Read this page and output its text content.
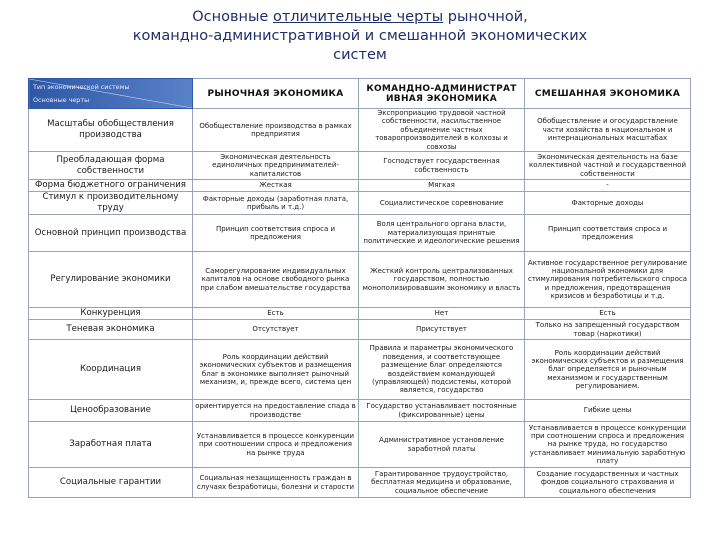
Основные отличительные черты рыночной,
командно-административной и смешанной экономических
систем
Тип экономической системы
Основные черты	РЫНОЧНАЯ ЭКОНОМИКА	КОМАНДНО-АДМИНИСТРАТ ИВНАЯ ЭКОНОМИКА	СМЕШАННАЯ ЭКОНОМИКА
Масштабы обобществления производства	Обобществление производства в рамках предприятия	Экспроприацию трудовой частной собственности, насильственное объединение частных товаропроизводителей в колхозы и совхозы	Обобществление и огосударствление части хозяйства в национальном и интернациональных масштабах
Преобладающая форма собственности	Экономическая деятельность единоличных предпринимателей-капиталистов	Господствует государственная собственность	Экономическая деятельность на базе коллективной частной и государственной собственности
Форма бюджетного ограничения	Жесткая	Мягкая	-
Стимул к производительному труду	Факторные доходы (заработная плата, прибыль и т.д.)	Социалистическое соревнование	Факторные доходы
Основной принцип производства	Принцип соответствия спроса и предложения	Воля центрального органа власти, материализующая принятые политические и идеологические решения	Принцип соответствия спроса и предложения
Регулирование экономики	Саморегулирование индивидуальных капиталов на основе свободного рынка при слабом вмешательстве государства	Жесткий контроль централизованных государством, полностью монополизировавшим экономику и власть	Активное государственное регулирование национальной экономики для стимулирования потребительского спроса и предложения, предотвращения кризисов и безработицы и т.д.
Конкуренция	Есть	Нет	Есть
Теневая экономика	Отсутствует	Присутствует	Только на запрещенный государством товар (наркотики)
Координация	Роль координации действий экономических субъектов и размещения благ в экономике выполняет рыночный механизм, и, прежде всего, система цен	Правила и параметры экономического поведения, и соответствующее размещение благ определяются воздействием командующей (управляющей) подсистемы, которой является, государство	Роль координации действий экономических субъектов и размещения благ определяется и рыночным механизмом и государственным регулированием.
Ценообразование	ориентируется на предоставление спада в производстве	Государство устанавливает постоянные (фиксированные) цены	Гибкие цены
Заработная плата	Устанавливается в процессе конкуренции при соотношении спроса и предложения на рынке труда	Административное установление заработной платы	Устанавливается в процессе конкуренции при соотношении спроса и предложения на рынке труда, но государство устанавливает минимальную заработную плату
Социальные гарантии	Социальная незащищенность граждан в случаях безработицы, болезни и старости	Гарантированное трудоустройство, бесплатная медицина и образование, социальное обеспечение	Создание государственных и частных фондов социального страхования и социального обеспечения
